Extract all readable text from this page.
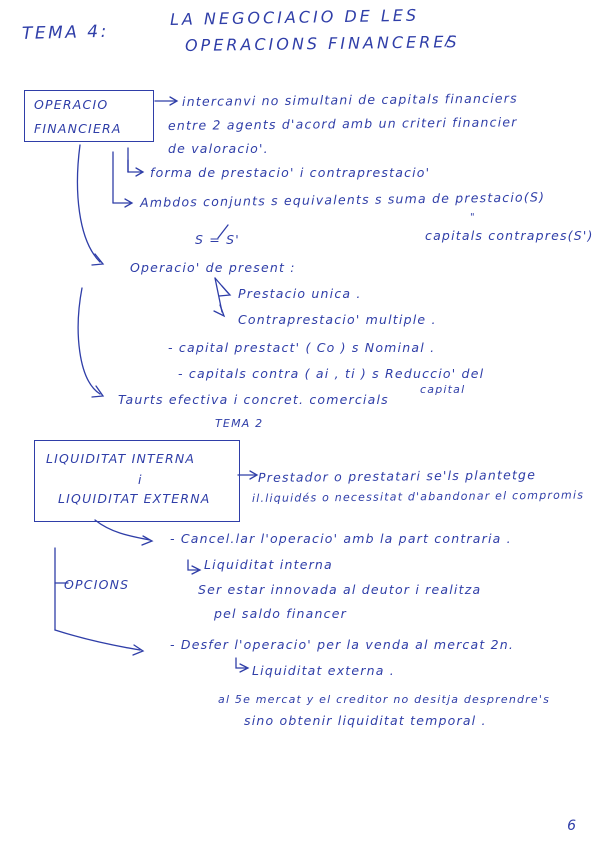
TEMA 4:
LA NEGOCIACIO DE LES
OPERACIONS FINANCERES
OPERACIO
FINANCIERA
intercanvi no simultani de capitals financiers
entre 2 agents d'acord amb un criteri financier
de valoracio'.
forma de prestacio' i contraprestacio'
Ambdos conjunts s equivalents s suma de prestacio(S)
"
capitals contrapres(S')
S = S'
Operacio' de present :
Prestacio unica .
Contraprestacio' multiple .
- capital prestact' ( Co ) s Nominal .
- capitals contra ( ai , ti ) s Reduccio' del
capital
Taurts efectiva i concret. comercials
TEMA 2
LIQUIDITAT INTERNA
i
LIQUIDITAT EXTERNA
Prestador o prestatari se'ls plantetge
il.liquidés o necessitat d'abandonar el compromis
OPCIONS
- Cancel.lar l'operacio' amb la part contraria .
Liquiditat interna
Ser estar innovada al deutor i realitza
pel saldo financer
- Desfer l'operacio' per la venda al mercat 2n.
Liquiditat externa .
al 5e mercat y el creditor no desitja desprendre's
sino obtenir liquiditat temporal .
6
